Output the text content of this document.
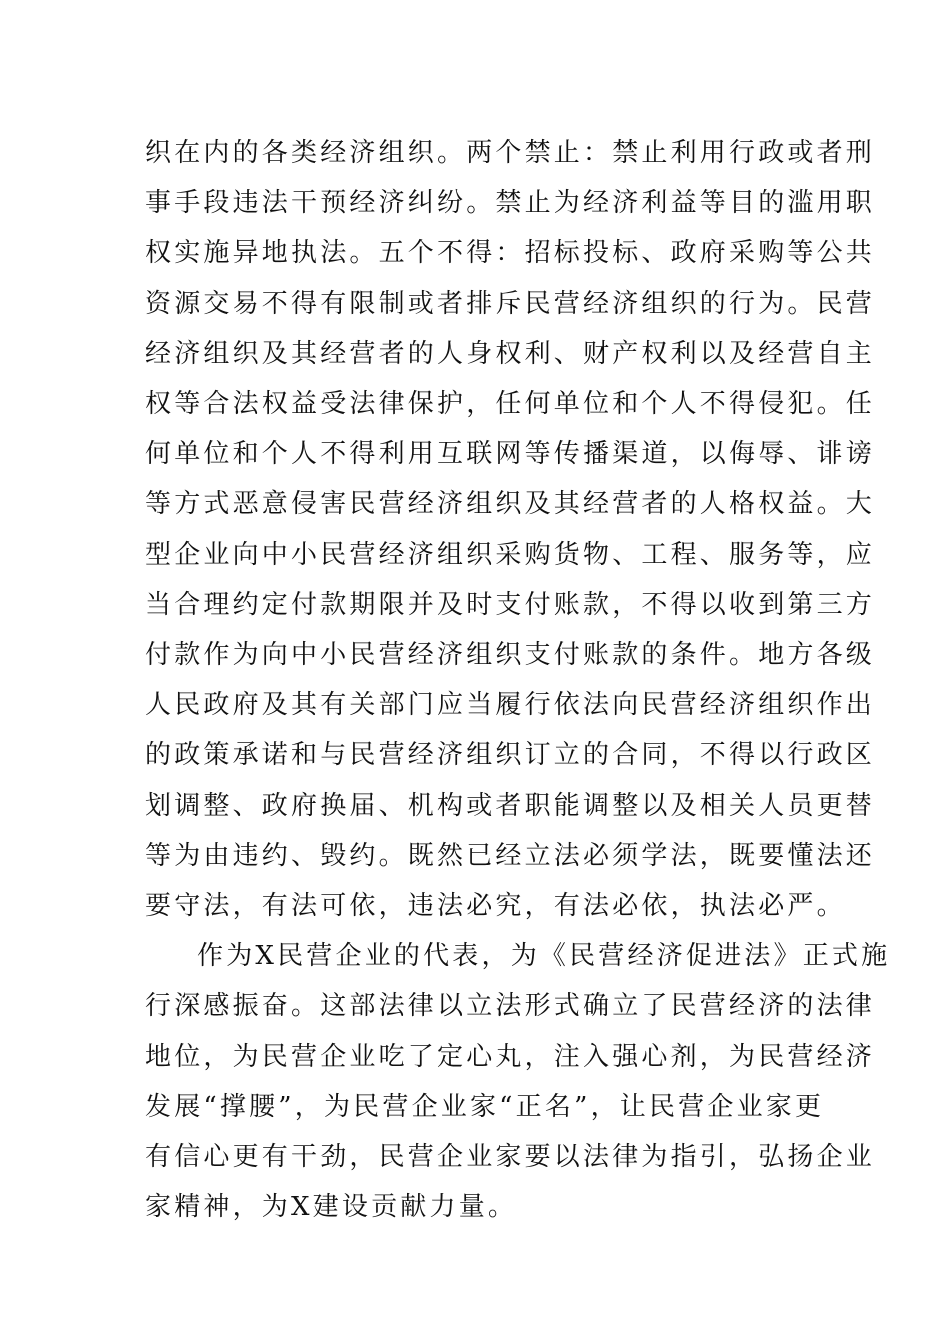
织在内的各类经济组织。两个禁止：禁止利用行政或者刑
事手段违法干预经济纠纷。禁止为经济利益等目的滥用职
权实施异地执法。五个不得：招标投标、政府采购等公共
资源交易不得有限制或者排斥民营经济组织的行为。民营
经济组织及其经营者的人身权利、财产权利以及经营自主
权等合法权益受法律保护，任何单位和个人不得侵犯。任
何单位和个人不得利用互联网等传播渠道，以侮辱、诽谤
等方式恶意侵害民营经济组织及其经营者的人格权益。大
型企业向中小民营经济组织采购货物、工程、服务等，应
当合理约定付款期限并及时支付账款，不得以收到第三方
付款作为向中小民营经济组织支付账款的条件。地方各级
人民政府及其有关部门应当履行依法向民营经济组织作出
的政策承诺和与民营经济组织订立的合同，不得以行政区
划调整、政府换届、机构或者职能调整以及相关人员更替
等为由违约、毁约。既然已经立法必须学法，既要懂法还
要守法，有法可依，违法必究，有法必依，执法必严。

作为X民营企业的代表，为《民营经济促进法》正式施
行深感振奋。这部法律以立法形式确立了民营经济的法律
地位，为民营企业吃了定心丸，注入强心剂，为民营经济
发展“撑腰”，为民营企业家“正名”，让民营企业家更
有信心更有干劲，民营企业家要以法律为指引，弘扬企业
家精神，为X建设贡献力量。
